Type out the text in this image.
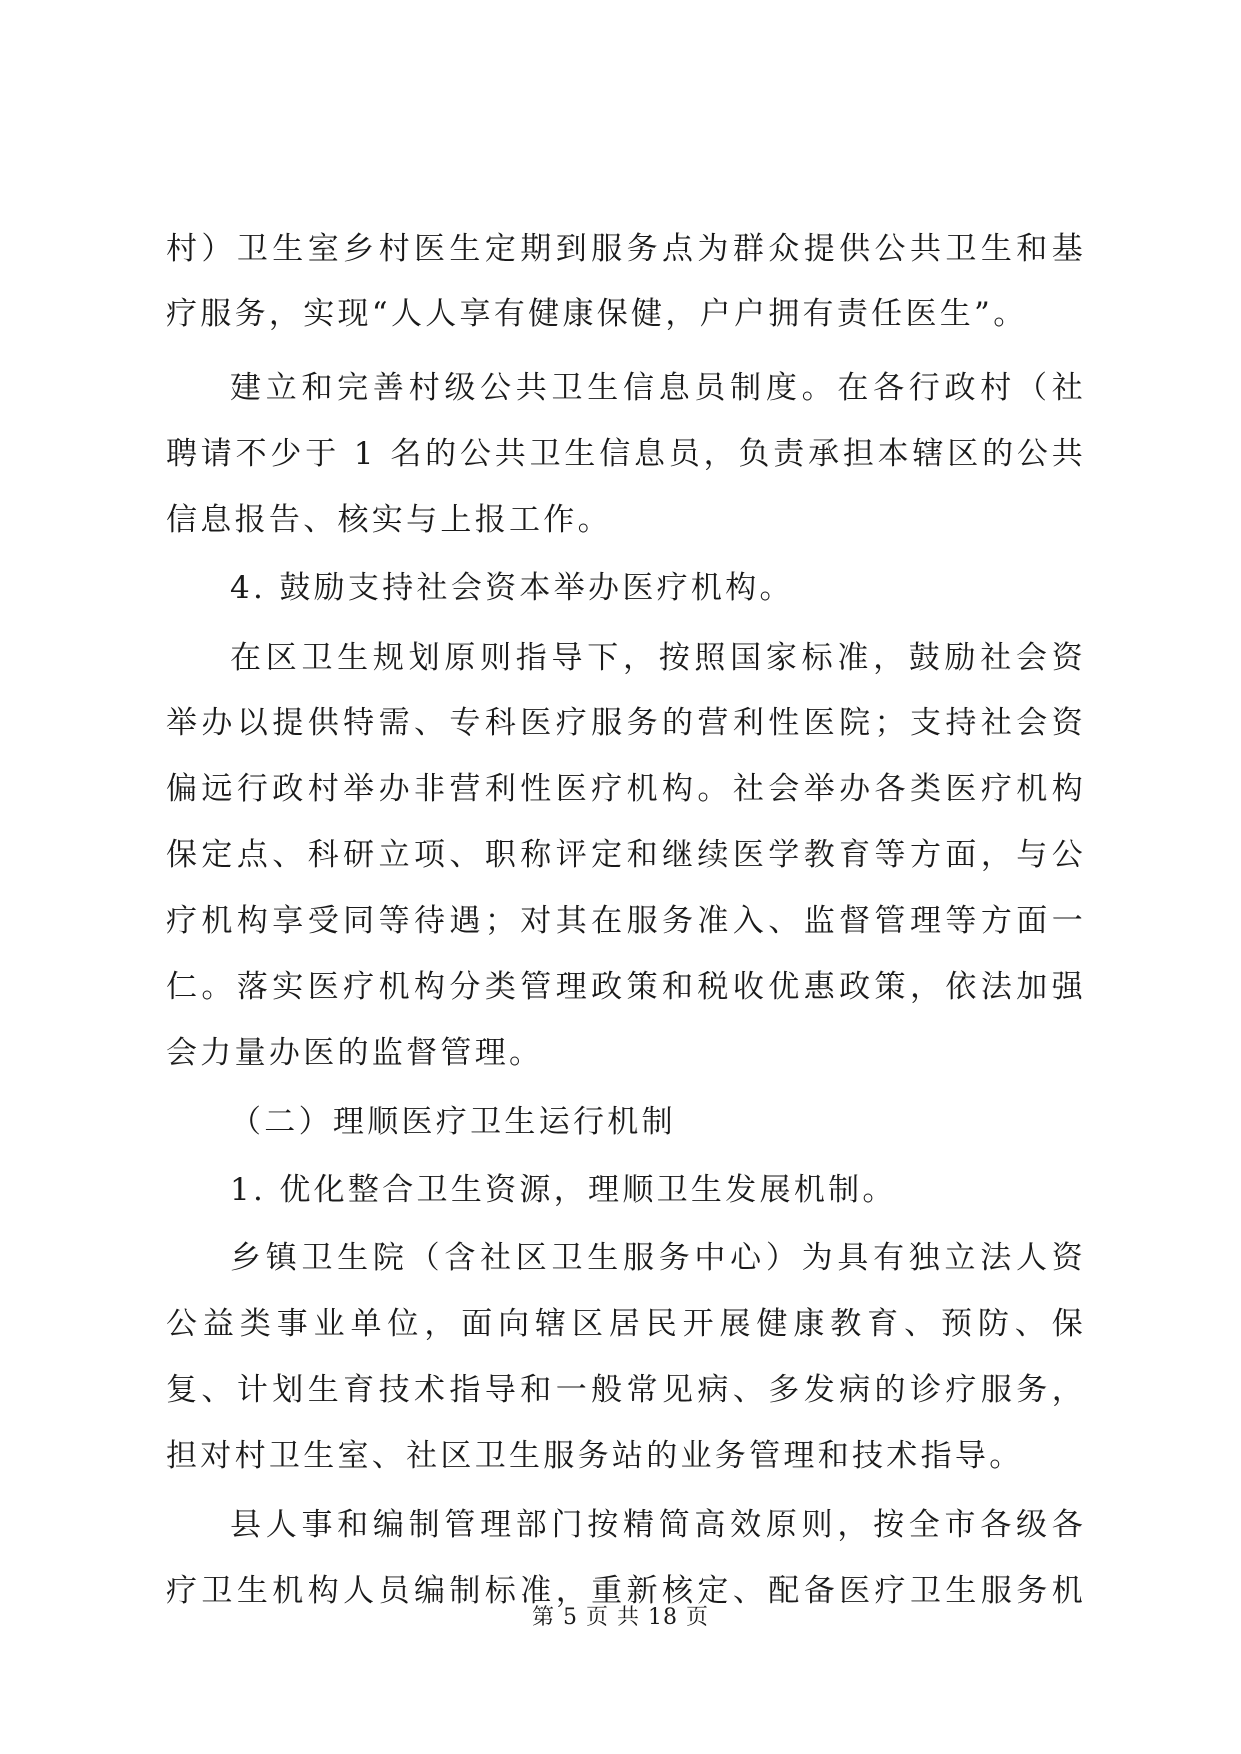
村）卫生室乡村医生定期到服务点为群众提供公共卫生和基
疗服务，实现“人人享有健康保健，户户拥有责任医生”。
建立和完善村级公共卫生信息员制度。在各行政村（社
聘请不少于 1 名的公共卫生信息员，负责承担本辖区的公共
信息报告、核实与上报工作。
4. 鼓励支持社会资本举办医疗机构。
在区卫生规划原则指导下，按照国家标准，鼓励社会资
举办以提供特需、专科医疗服务的营利性医院；支持社会资
偏远行政村举办非营利性医疗机构。社会举办各类医疗机构
保定点、科研立项、职称评定和继续医学教育等方面，与公
疗机构享受同等待遇；对其在服务准入、监督管理等方面一
仁。落实医疗机构分类管理政策和税收优惠政策，依法加强
会力量办医的监督管理。
（二）理顺医疗卫生运行机制
1. 优化整合卫生资源，理顺卫生发展机制。
乡镇卫生院（含社区卫生服务中心）为具有独立法人资
公益类事业单位，面向辖区居民开展健康教育、预防、保
复、计划生育技术指导和一般常见病、多发病的诊疗服务，
担对村卫生室、社区卫生服务站的业务管理和技术指导。
县人事和编制管理部门按精简高效原则，按全市各级各
疗卫生机构人员编制标准，重新核定、配备医疗卫生服务机
第 5 页 共 18 页
